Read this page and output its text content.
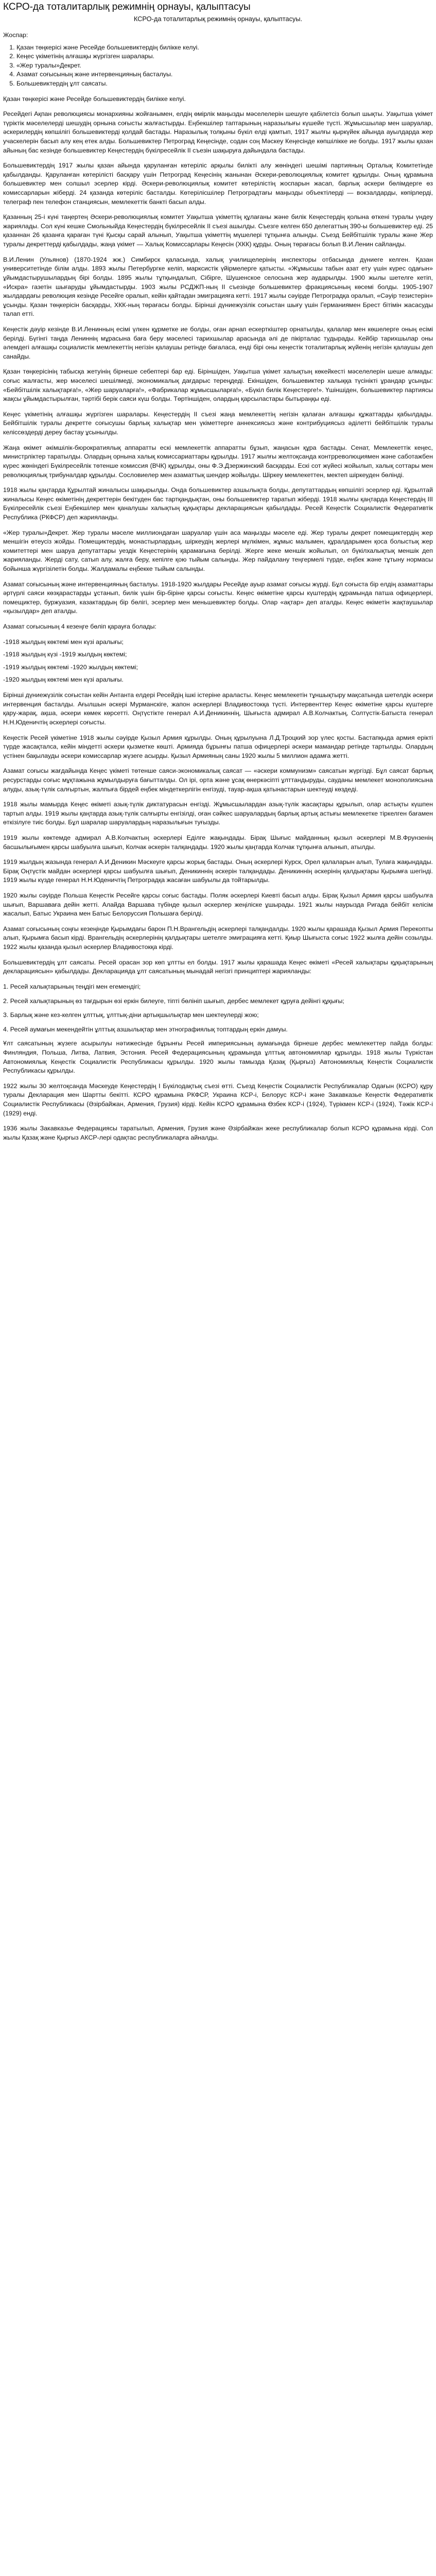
КСРО-да тоталитарлық режимнің орнауы, қалыптасуы
КСРО-да тоталитарлық режимнің орнауы, қалыптасуы.
Жоспар:
1. Қазан төңкерісі және Ресейде большевиктердің билікке келуі.
2. Кеңес үкіметінің алғашқы жүргізген шаралары.
3. «Жер туралы»Декрет.
4. Азамат соғысының және интервенцияның басталуы.
5. Большевиктердің ұлт саясаты.

Қазан төңкерісі және Ресейде большевиктердің билікке келуі.

Ресейдегі Ақпан революциясы монархияны жойғанымен, елдің өмірлік маңызды мәселелерін шешуге қабілетсіз болып шықты. Уақытша үкімет түріктік мәселелерді шешудің орнына соғысты жалғастырды. Еңбекшілер таптарының наразылығы күшейе түсті. Жұмысшылар мен шаруалар, әскерилердің көпшілігі большевиктерді қолдай бастады. Наразылық толқыны бүкіл елді қамтып, 1917 жылғы қыркүйек айында ауылдарда жер учаскелерін басып алу кең етек алды. Большевиктер Петроград Кеңесінде, содан соң Мәскеу Кеңесінде көпшілікке ие болды. 1917 жылы қазан айының бас кезінде большевиктер Кеңестердің бүкілресейлік II съезін шақыруға дайындала бастады.

Большевиктердің 1917 жылы қазан айында қаруланған көтеріліс арқылы билікті алу жөніндегі шешімі партияның Орталық Комитетінде қабылданды. Қаруланған көтерілісті басқару үшін Петроград Кеңесінің жанынан Әскери-революциялық комитет құрылды. Оның құрамына большевиктер мен солшыл эсерлер кірді. Әскери-революциялық комитет көтерілістің жоспарын жасап, барлық әскери бөлімдерге өз комиссарларын жіберді. 24 қазанда көтеріліс басталды. Көтерілісшілер Петроградтағы маңызды объектілерді — вокзалдарды, көпірлерді, телеграф пен телефон станциясын, мемлекеттік банкті басып алды.

Қазанның 25-і күні таңертең Әскери-революциялық комитет Уақытша үкіметтің құлағаны және билік Кеңестердің қолына өткені туралы үндеу жариялады. Сол күні кешке Смольныйда Кеңестердің бүкілресейлік II съезі ашылды. Съезге келген 650 делегаттың 390-ы большевиктер еді. 25 қазаннан 26 қазанға қараған түні Қысқы сарай алынып, Уақытша үкіметтің мүшелері тұтқынға алынды. Съезд Бейбітшілік туралы және Жер туралы декреттерді қабылдады, жаңа үкімет — Халық Комиссарлары Кеңесін (ХКК) құрды. Оның төрағасы болып В.И.Ленин сайланды.

В.И.Ленин (Ульянов) (1870-1924 жж.) Симбирск қаласында, халық училищелерінің инспекторы отбасында дүниеге келген. Қазан университетінде білім алды. 1893 жылы Петербургке келіп, марксистік үйірмелерге қатысты. «Жұмысшы табын азат ету үшін күрес одағын» ұйымдастырушылардың бірі болды. 1895 жылы тұтқындалып, Сібірге, Шушенское селосына жер аударылды. 1900 жылы шетелге кетіп, «Искра» газетін шығаруды ұйымдастырды. 1903 жылы РСДЖП-ның II съезінде большевиктер фракциясының көсемі болды. 1905-1907 жылдардағы революция кезінде Ресейге оралып, кейін қайтадан эмиграцияға кетті. 1917 жылы сәуірде Петроградқа оралып, «Сәуір тезистерін» ұсынды. Қазан төңкерісін басқарды, ХКК-ның төрағасы болды. Бірінші дүниежүзілік соғыстан шығу үшін Германиямен Брест бітімін жасасуды талап етті.

Кеңестік дәуір кезінде В.И.Ленинның есімі үлкен құрметке ие болды, оған арнап ескерткіштер орнатылды, қалалар мен көшелерге оның есімі берілді. Бүгінгі таңда Лениннің мұрасына баға беру мәселесі тарихшылар арасында әлі де пікірталас тудырады. Кейбір тарихшылар оны әлемдегі алғашқы социалистік мемлекеттің негізін қалаушы ретінде бағаласа, енді бірі оны кеңестік тоталитарлық жүйенің негізін қалаушы деп санайды.

Қазан төңкерісінің табысқа жетуінің бірнеше себептері бар еді. Біріншіден, Уақытша үкімет халықтың көкейкесті мәселелерін шеше алмады: соғыс жалғасты, жер мәселесі шешілмеді, экономикалық дағдарыс тереңдеді. Екіншіден, большевиктер халыққа түсінікті ұрандар ұсынды: «Бейбітшілік халықтарға!», «Жер шаруаларға!», «Фабрикалар жұмысшыларға!», «Бүкіл билік Кеңестерге!». Үшіншіден, большевиктер партиясы жақсы ұйымдастырылған, тәртібі берік саяси күш болды. Төртіншіден, олардың қарсыластары бытыраңқы еді.

Кеңес үкіметінің алғашқы жүргізген шаралары. Кеңестердің II съезі жаңа мемлекеттің негізін қалаған алғашқы құжаттарды қабылдады. Бейбітшілік туралы декретте соғысушы барлық халықтар мен үкіметтерге аннексиясыз және контрибуциясыз әділетті бейбітшілік туралы келіссөздерді дереу бастау ұсынылды.

Жаңа өкімет әкімшілік-бюрократиялық аппаратты ескі мемлекеттік аппаратты бұзып, жаңасын құра бастады. Сенат, Мемлекеттік кеңес, министрліктер таратылды. Олардың орнына халық комиссариаттары құрылды. 1917 жылғы желтоқсанда контрреволюциямен және саботажбен күрес жөніндегі Бүкілресейлік төтенше комиссия (ВЧК) құрылды, оны Ф.Э.Дзержинский басқарды. Ескі сот жүйесі жойылып, халық соттары мен революциялық трибуналдар құрылды. Сословиелер мен азаматтық шендер жойылды. Шіркеу мемлекеттен, мектеп шіркеуден бөлінді.

1918 жылы қаңтарда Құрылтай жиналысы шақырылды. Онда большевиктер азшылықта болды, депутаттардың көпшілігі эсерлер еді. Құрылтай жиналысы Кеңес өкіметінің декреттерін бекітуден бас тартқандықтан, оны большевиктер таратып жіберді. 1918 жылғы қаңтарда Кеңестердің III Бүкілресейлік съезі Еңбекшілер мен қаналушы халықтың құқықтары декларациясын қабылдады. Ресей Кеңестік Социалистік Федеративтік Республика (РКФСР) деп жарияланды.

«Жер туралы»Декрет. Жер туралы мәселе миллиондаған шаруалар үшін аса маңызды мәселе еді. Жер туралы декрет помещиктердің жер меншігін өтеусіз жойды. Помещиктердің, монастырлардың, шіркеудің жерлері мүлкімен, жұмыс малымен, құралдарымен қоса болыстық жер комитеттері мен шаруа депутаттары уездік Кеңестерінің қарамағына берілді. Жерге жеке меншік жойылып, ол бүкілхалықтық меншік деп жарияланды. Жерді сату, сатып алу, жалға беру, кепілге қою тыйым салынды. Жер пайдалану теңгермелі түрде, еңбек және тұтыну нормасы бойынша жүргізілетін болды. Жалдамалы еңбекке тыйым салынды.

Азамат соғысының және интервенцияның басталуы. 1918-1920 жылдары Ресейде ауыр азамат соғысы жүрді. Бұл соғыста бір елдің азаматтары әртүрлі саяси көзқарастарды ұстанып, билік үшін бір-біріне қарсы соғысты. Кеңес өкіметіне қарсы күштердің құрамында патша офицерлері, помещиктер, буржуазия, казактардың бір бөлігі, эсерлер мен меньшевиктер болды. Олар «ақтар» деп аталды. Кеңес өкіметін жақтаушылар «қызылдар» деп аталды.

Азамат соғысының 4 кезеңге бөліп қарауға болады:

-1918 жылдың көктемі мен күзі аралығы;
-1918 жылдың күзі -1919 жылдың көктемі;
-1919 жылдың көктемі -1920 жылдың көктемі;
-1920 жылдың көктемі мен күзі аралығы.

Бірінші дүниежүзілік соғыстан кейін Антанта елдері Ресейдің ішкі істеріне араласты. Кеңес мемлекетін тұншықтыру мақсатында шетелдік әскери интервенция басталды. Ағылшын әскері Мурманскіге, жапон әскерлері Владивостокқа түсті. Интервенттер Кеңес өкіметіне қарсы күштерге қару-жарақ, ақша, әскери көмек көрсетті. Оңтүстікте генерал А.И.Деникиннің, Шығыста адмирал А.В.Колчактың, Солтүстік-Батыста генерал Н.Н.Юденичтің әскерлері соғысты.

Кеңестік Ресей үкіметіне 1918 жылы сәуірде Қызыл Армия құрылды. Оның құрылуына Л.Д.Троцкий зор үлес қосты. Бастапқыда армия ерікті түрде жасақталса, кейін міндетті әскери қызметке көшті. Армияда бұрынғы патша офицерлері әскери мамандар ретінде тартылды. Олардың үстінен бақылауды әскери комиссарлар жүзеге асырды. Қызыл Армияның саны 1920 жылы 5 миллион адамға жетті.

Азамат соғысы жағдайында Кеңес үкіметі төтенше саяси-экономикалық саясат — «әскери коммунизм» саясатын жүргізді. Бұл саясат барлық ресурстарды соғыс мұқтажына жұмылдыруға бағытталды. Ол ірі, орта және ұсақ өнеркәсіпті ұлттандыруды, сауданы мемлекет монополиясына алуды, азық-түлік салғыртын, жалпыға бірдей еңбек міндеткерлігін енгізуді, тауар-ақша қатынастарын шектеуді көздеді.

1918 жылы мамырда Кеңес өкіметі азық-түлік диктатурасын енгізді. Жұмысшылардан азық-түлік жасақтары құрылып, олар астықты күшпен тартып алды. 1919 жылы қаңтарда азық-түлік салғырты енгізілді, оған сәйкес шаруалардың барлық артық астығы мемлекетке тіркелген бағамен өткізілуге тиіс болды. Бұл шаралар шаруалардың наразылығын туғызды.

1919 жылы көктемде адмирал А.В.Колчактың әскерлері Еділге жақындады. Бірақ Шығыс майданның қызыл әскерлері М.В.Фрунзенің басшылығымен қарсы шабуылға шығып, Колчак әскерін талқандады. 1920 жылы қаңтарда Колчак тұтқынға алынып, атылды.

1919 жылдың жазында генерал А.И.Деникин Мәскеуге қарсы жорық бастады. Оның әскерлері Курск, Орел қалаларын алып, Тулаға жақындады. Бірақ Оңтүстік майдан әскерлері қарсы шабуылға шығып, Деникиннің әскерін талқандады. Деникиннің әскерінің қалдықтары Қырымға шегінді. 1919 жылы күзде генерал Н.Н.Юденичтің Петроградқа жасаған шабуылы да тойтарылды.

1920 жылы сәуірде Польша Кеңестік Ресейге қарсы соғыс бастады. Поляк әскерлері Киевті басып алды. Бірақ Қызыл Армия қарсы шабуылға шығып, Варшаваға дейін жетті. Алайда Варшава түбінде қызыл әскерлер жеңіліске ұшырады. 1921 жылы наурызда Ригада бейбіт келісім жасалып, Батыс Украина мен Батыс Белоруссия Польшаға берілді.

Азамат соғысының соңғы кезеңінде Қырымдағы барон П.Н.Врангельдің әскерлері талқандалды. 1920 жылы қарашада Қызыл Армия Перекопты алып, Қырымға басып кірді. Врангельдің әскерлерінің қалдықтары шетелге эмиграцияға кетті. Қиыр Шығыста соғыс 1922 жылға дейін созылды. 1922 жылы қазанда қызыл әскерлер Владивостокқа кірді.

Большевиктердің ұлт саясаты. Ресей орасан зор көп ұлтты ел болды. 1917 жылы қарашада Кеңес өкіметі «Ресей халықтары құқықтарының декларациясын» қабылдады. Декларацияда ұлт саясатының мынадай негізгі принциптері жарияланды:

1. Ресей халықтарының теңдігі мен егемендігі;

2. Ресей халықтарының өз тағдырын өзі еркін билеуге, тіпті бөлініп шығып, дербес мемлекет құруға дейінгі құқығы;

3. Барлық және кез-келген ұлттық, ұлттық-діни артықшылықтар мен шектеулерді жою;

4. Ресей аумағын мекендейтін ұлттық азшылықтар мен этнографиялық топтардың еркін дамуы.

Ұлт саясатының жүзеге асырылуы нәтижесінде бұрынғы Ресей империясының аумағында бірнеше дербес мемлекеттер пайда болды: Финляндия, Польша, Литва, Латвия, Эстония. Ресей Федерациясының құрамында ұлттық автономиялар құрылды. 1918 жылы Түркістан Автономиялық Кеңестік Социалистік Республикасы құрылды. 1920 жылы тамызда Қазақ (Қырғыз) Автономиялық Кеңестік Социалистік Республикасы құрылды.

1922 жылы 30 желтоқсанда Мәскеуде Кеңестердің I Бүкілодақтық съезі өтті. Съезд Кеңестік Социалистік Республикалар Одағын (КСРО) құру туралы Декларация мен Шартты бекітті. КСРО құрамына РКФСР, Украина КСР-і, Белорус КСР-і және Закавказье Кеңестік Федеративтік Социалистік Республикасы (Әзірбайжан, Армения, Грузия) кірді. Кейін КСРО құрамына Өзбек КСР-і (1924), Түрікмен КСР-і (1924), Тәжік КСР-і (1929) енді.

1936 жылы Закавказье Федерациясы таратылып, Армения, Грузия және Әзірбайжан жеке республикалар болып КСРО құрамына кірді. Сол жылы Қазақ және Қырғыз АКСР-лері одақтас республикаларға айналды.
